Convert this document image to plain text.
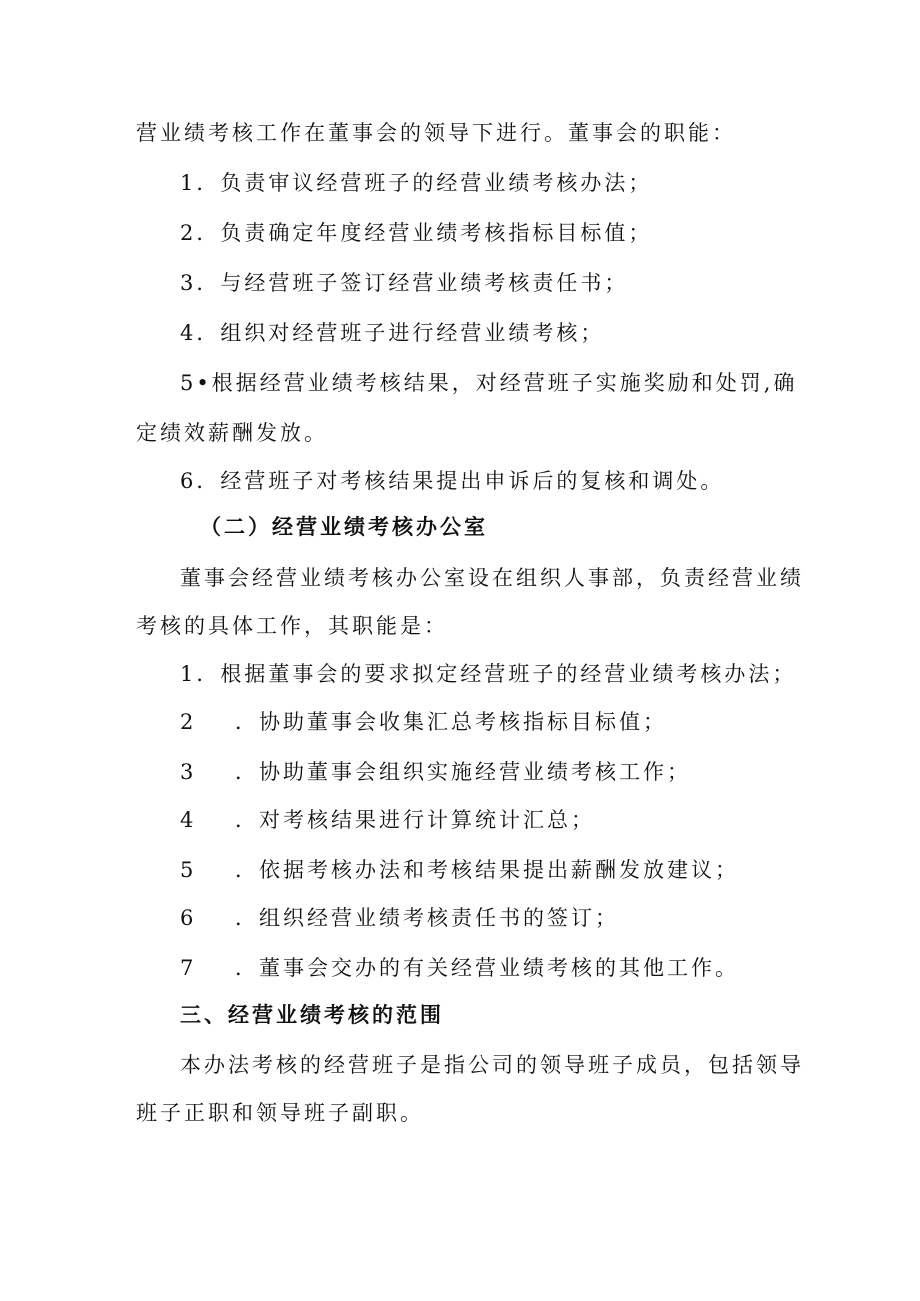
营业绩考核工作在董事会的领导下进行。董事会的职能：
1．负责审议经营班子的经营业绩考核办法；
2．负责确定年度经营业绩考核指标目标值；
3．与经营班子签订经营业绩考核责任书；
4．组织对经营班子进行经营业绩考核；
5•根据经营业绩考核结果，对经营班子实施奖励和处罚,确
定绩效薪酬发放。
6．经营班子对考核结果提出申诉后的复核和调处。
（二）经营业绩考核办公室
董事会经营业绩考核办公室设在组织人事部，负责经营业绩
考核的具体工作，其职能是：
1．根据董事会的要求拟定经营班子的经营业绩考核办法；
2 ．协助董事会收集汇总考核指标目标值；
3 ．协助董事会组织实施经营业绩考核工作；
4 ．对考核结果进行计算统计汇总；
5 ．依据考核办法和考核结果提出薪酬发放建议；
6 ．组织经营业绩考核责任书的签订；
7 ．董事会交办的有关经营业绩考核的其他工作。
三、经营业绩考核的范围
本办法考核的经营班子是指公司的领导班子成员，包括领导
班子正职和领导班子副职。
